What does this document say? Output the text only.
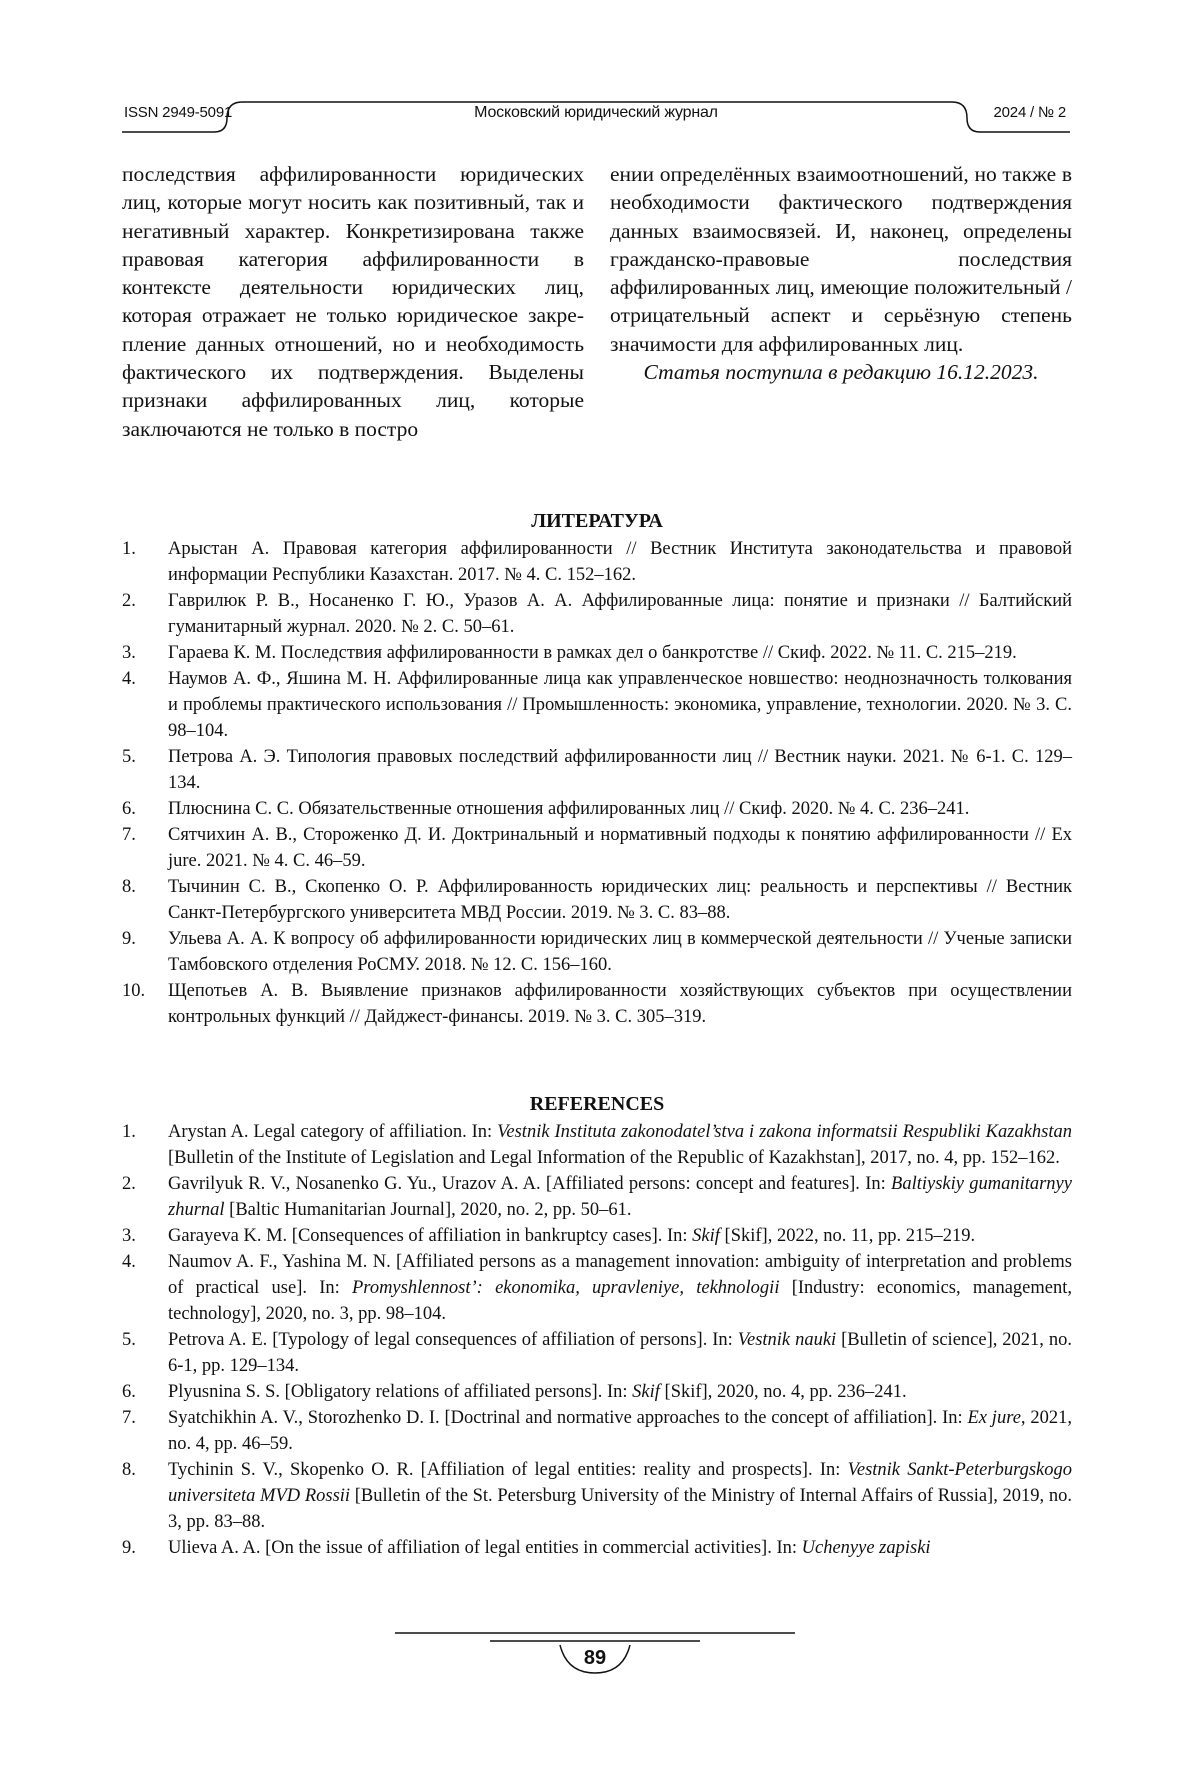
ISSN 2949-5091	Московский юридический журнал	2024 / № 2

последствия аффилированности юридических лиц, которые могут носить как позитивный, так и негативный характер. Конкретизирована также правовая категория аффилированности в контексте деятельности юридических лиц, которая отражает не только юридическое закрепление данных отношений, но и необходимость фактического их подтверждения. Выделены признаки аффилированных лиц, которые заключаются не только в постро

ении определённых взаимоотношений, но также в необходимости фактического подтверждения данных взаимосвязей. И, наконец, определены гражданско-правовые последствия аффилированных лиц, имеющие положительный / отрицательный аспект и серьёзную степень значимости для аффилированных лиц.

Статья поступила в редакцию 16.12.2023.

ЛИТЕРАТУРА
1.	Арыстан А. Правовая категория аффилированности // Вестник Института законодательства и правовой информации Республики Казахстан. 2017. № 4. С. 152–162.
2.	Гаврилюк Р. В., Носаненко Г. Ю., Уразов А. А. Аффилированные лица: понятие и признаки // Балтийский гуманитарный журнал. 2020. № 2. С. 50–61.
3.	Гараева К. М. Последствия аффилированности в рамках дел о банкротстве // Скиф. 2022. № 11. С. 215–219.
4.	Наумов А. Ф., Яшина М. Н. Аффилированные лица как управленческое новшество: неоднозначность толкования и проблемы практического использования // Промышленность: экономика, управление, технологии. 2020. № 3. С. 98–104.
5.	Петрова А. Э. Типология правовых последствий аффилированности лиц // Вестник науки. 2021. № 6-1. С. 129–134.
6.	Плюснина С. С. Обязательственные отношения аффилированных лиц // Скиф. 2020. № 4. С. 236–241.
7.	Сятчихин А. В., Стороженко Д. И. Доктринальный и нормативный подходы к понятию аффилированности // Ex jure. 2021. № 4. С. 46–59.
8.	Тычинин С. В., Скопенко О. Р. Аффилированность юридических лиц: реальность и перспективы // Вестник Санкт-Петербургского университета МВД России. 2019. № 3. С. 83–88.
9.	Ульева А. А. К вопросу об аффилированности юридических лиц в коммерческой деятельности // Ученые записки Тамбовского отделения РоСМУ. 2018. № 12. С. 156–160.
10.	Щепотьев А. В. Выявление признаков аффилированности хозяйствующих субъектов при осуществлении контрольных функций // Дайджест-финансы. 2019. № 3. С. 305–319.
REFERENCES
1.	Arystan A. Legal category of affiliation. In: Vestnik Instituta zakonodatel’stva i zakona informatsii Respubliki Kazakhstan [Bulletin of the Institute of Legislation and Legal Information of the Republic of Kazakhstan], 2017, no. 4, pp. 152–162.
2.	Gavrilyuk R. V., Nosanenko G. Yu., Urazov A. A. [Affiliated persons: concept and features]. In: Baltiyskiy gumanitarnyy zhurnal [Baltic Humanitarian Journal], 2020, no. 2, pp. 50–61.
3.	Garayeva K. M. [Consequences of affiliation in bankruptcy cases]. In: Skif [Skif], 2022, no. 11, pp. 215–219.
4.	Naumov A. F., Yashina M. N. [Affiliated persons as a management innovation: ambiguity of interpretation and problems of practical use]. In: Promyshlennost’: ekonomika, upravleniye, tekhnologii [Industry: economics, management, technology], 2020, no. 3, pp. 98–104.
5.	Petrova A. E. [Typology of legal consequences of affiliation of persons]. In: Vestnik nauki [Bulletin of science], 2021, no. 6-1, pp. 129–134.
6.	Plyusnina S. S. [Obligatory relations of affiliated persons]. In: Skif [Skif], 2020, no. 4, pp. 236–241.
7.	Syatchikhin A. V., Storozhenko D. I. [Doctrinal and normative approaches to the concept of affiliation]. In: Ex jure, 2021, no. 4, pp. 46–59.
8.	Tychinin S. V., Skopenko O. R. [Affiliation of legal entities: reality and prospects]. In: Vestnik Sankt-Peterburgskogo universiteta MVD Rossii [Bulletin of the St. Petersburg University of the Ministry of Internal Affairs of Russia], 2019, no. 3, pp. 83–88.
9.	Ulieva A. A. [On the issue of affiliation of legal entities in commercial activities]. In: Uchenyye zapiski
89
